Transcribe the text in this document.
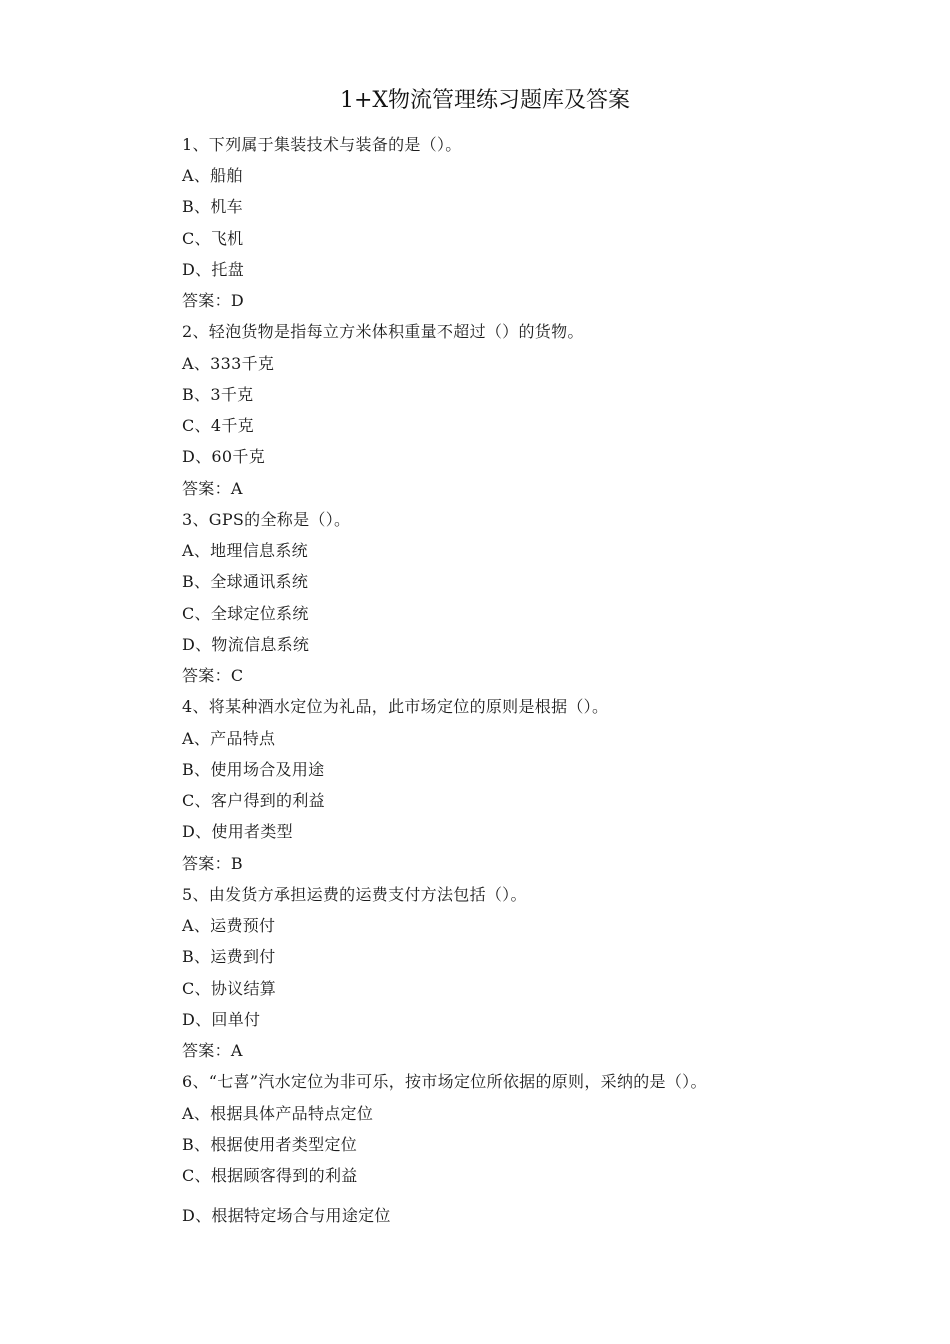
1+X物流管理练习题库及答案
1、下列属于集装技术与装备的是（）。
A、船舶
B、机车
C、飞机
D、托盘
答案：D
2、轻泡货物是指每立方米体积重量不超过（）的货物。
A、333千克
B、3千克
C、4千克
D、60千克
答案：A
3、GPS的全称是（）。
A、地理信息系统
B、全球通讯系统
C、全球定位系统
D、物流信息系统
答案：C
4、将某种酒水定位为礼品，此市场定位的原则是根据（）。
A、产品特点
B、使用场合及用途
C、客户得到的利益
D、使用者类型
答案：B
5、由发货方承担运费的运费支付方法包括（）。
A、运费预付
B、运费到付
C、协议结算
D、回单付
答案：A
6、“七喜”汽水定位为非可乐，按市场定位所依据的原则，采纳的是（）。
A、根据具体产品特点定位
B、根据使用者类型定位
C、根据顾客得到的利益
D、根据特定场合与用途定位
